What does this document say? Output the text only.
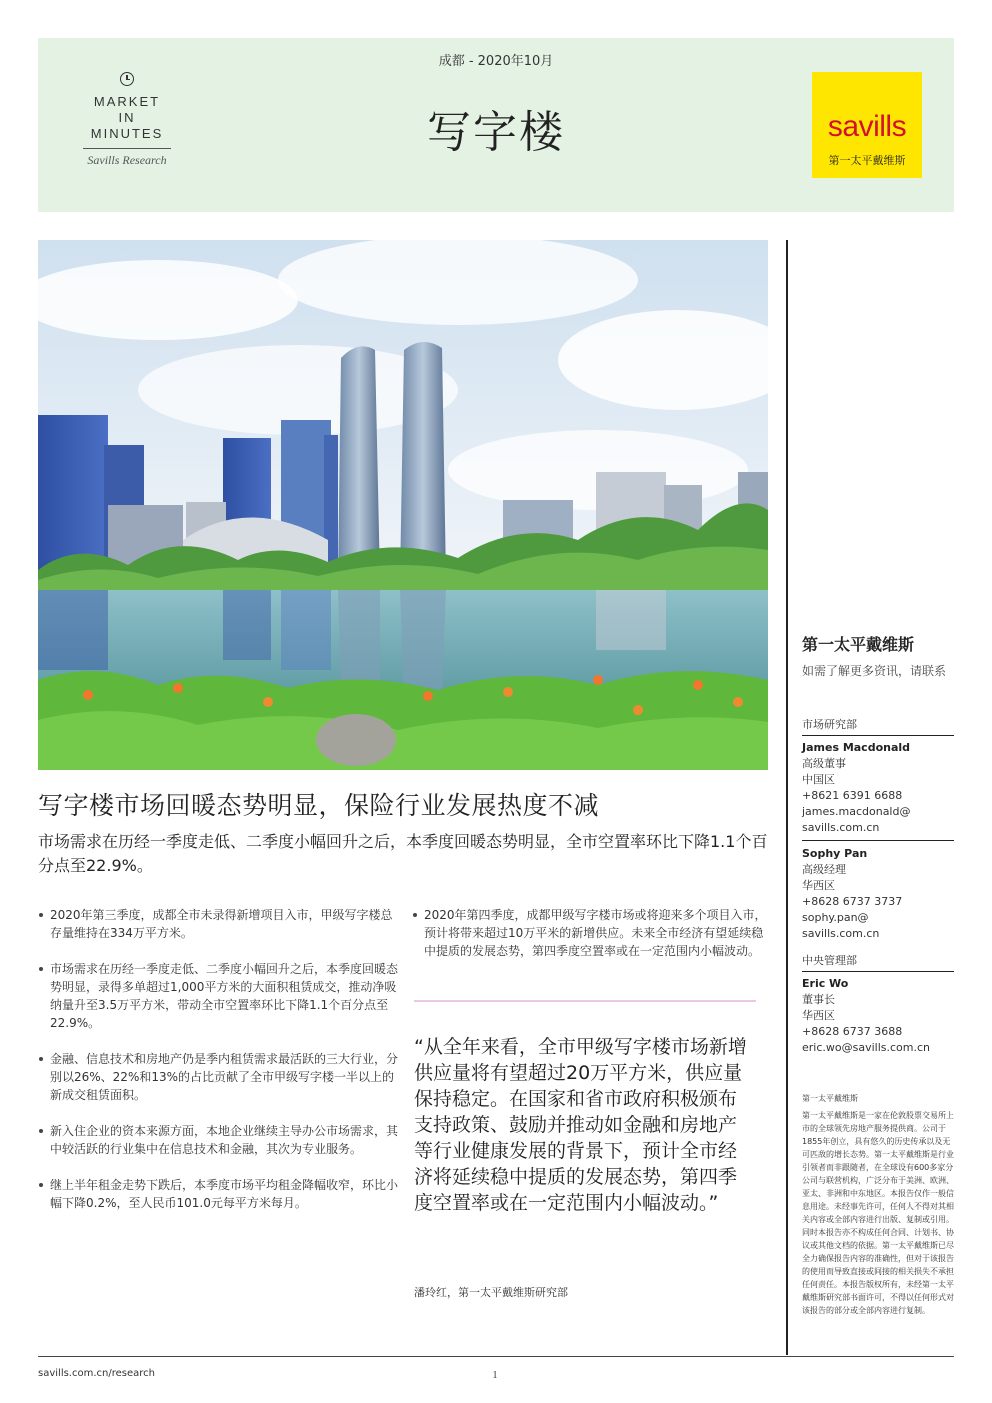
MARKET
IN
MINUTES
Savills Research
成都 - 2020年10月
写字楼	savills
第一太平戴维斯
写字楼市场回暖态势明显，保险行业发展热度不减
市场需求在历经一季度走低、二季度小幅回升之后，本季度回暖态势明显，全市空置率环比下降1.1个百分点至22.9%。
2020年第三季度，成都全市未录得新增项目入市，甲级写字楼总存量维持在334万平方米。
市场需求在历经一季度走低、二季度小幅回升之后，本季度回暖态势明显，录得多单超过1,000平方米的大面积租赁成交，推动净吸纳量升至3.5万平方米，带动全市空置率环比下降1.1个百分点至22.9%。
金融、信息技术和房地产仍是季内租赁需求最活跃的三大行业，分别以26%、22%和13%的占比贡献了全市甲级写字楼一半以上的新成交租赁面积。
新入住企业的资本来源方面，本地企业继续主导办公市场需求，其中较活跃的行业集中在信息技术和金融，其次为专业服务。
继上半年租金走势下跌后，本季度市场平均租金降幅收窄，环比小幅下降0.2%，至人民币101.0元每平方米每月。
2020年第四季度，成都甲级写字楼市场或将迎来多个项目入市，预计将带来超过10万平米的新增供应。未来全市经济有望延续稳中提质的发展态势，第四季度空置率或在一定范围内小幅波动。
“从全年来看，全市甲级写字楼市场新增供应量将有望超过20万平方米，供应量保持稳定。在国家和省市政府积极颁布支持政策、鼓励并推动如金融和房地产等行业健康发展的背景下，预计全市经济将延续稳中提质的发展态势，第四季度空置率或在一定范围内小幅波动。”
潘玲红，第一太平戴维斯研究部
第一太平戴维斯
如需了解更多资讯，请联系
市场研究部
James Macdonald
高级董事
中国区
+8621 6391 6688
james.macdonald@
savills.com.cn
Sophy Pan
高级经理
华西区
+8628 6737 3737
sophy.pan@
savills.com.cn
中央管理部
Eric Wo
董事长
华西区
+8628 6737 3688
eric.wo@savills.com.cn
第一太平戴维斯
第一太平戴维斯是一家在伦敦股票交易所上市的全球领先房地产服务提供商。公司于1855年创立，具有悠久的历史传承以及无可匹敌的增长态势。第一太平戴维斯是行业引领者而非跟随者，在全球设有600多家分公司与联营机构，广泛分布于美洲、欧洲、亚太、非洲和中东地区。本报告仅作一般信息用途。未经事先许可，任何人不得对其相关内容或全部内容进行出版、复制或引用。同时本报告亦不构成任何合同、计划书、协议或其他文档的依据。第一太平戴维斯已尽全力确保报告内容的准确性，但对于该报告的使用而导致直接或间接的相关损失不承担任何责任。本报告版权所有，未经第一太平戴维斯研究部书面许可，不得以任何形式对该报告的部分或全部内容进行复制。
savills.com.cn/research	1
